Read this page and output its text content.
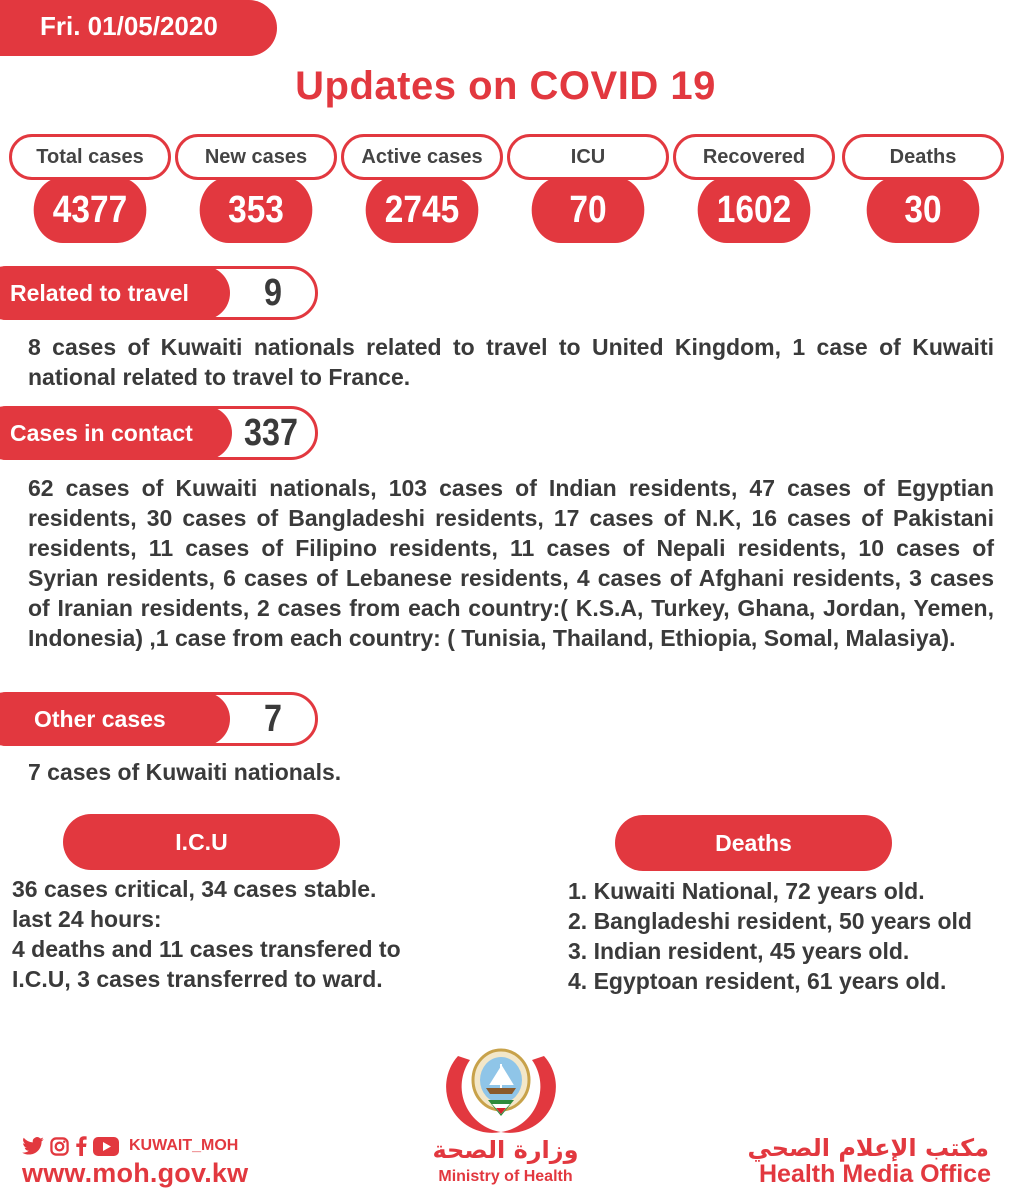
Fri. 01/05/2020
Updates on COVID 19
Total cases
4377
New cases
353
Active cases
2745
ICU
70
Recovered
1602
Deaths
30
Related to travel	9
8 cases of Kuwaiti nationals related to travel to United Kingdom, 1 case of Kuwaiti national related to travel to France.
Cases in contact	337
62 cases of Kuwaiti nationals, 103 cases of Indian residents, 47 cases of Egyptian residents, 30 cases of Bangladeshi residents, 17 cases of N.K, 16 cases of Pakistani residents, 11 cases of Filipino residents, 11 cases of Nepali residents, 10 cases of Syrian residents, 6 cases of Lebanese residents, 4 cases of Afghani residents, 3 cases of Iranian residents, 2 cases from each country:( K.S.A, Turkey, Ghana, Jordan, Yemen, Indonesia) ,1 case from each country: ( Tunisia, Thailand, Ethiopia, Somal, Malasiya).
Other cases	7
7 cases of Kuwaiti nationals.
I.C.U
36 cases critical, 34 cases stable.
last 24 hours:
4 deaths and 11 cases transfered to
I.C.U, 3 cases transferred to ward.
Deaths
1. Kuwaiti National, 72 years old.
2. Bangladeshi resident, 50 years old
3. Indian resident, 45 years old.
4. Egyptoan resident, 61 years old.
KUWAIT_MOH
www.moh.gov.kw
وزارة الصحة
Ministry of Health
مكتب الإعلام الصحي
Health Media Office
